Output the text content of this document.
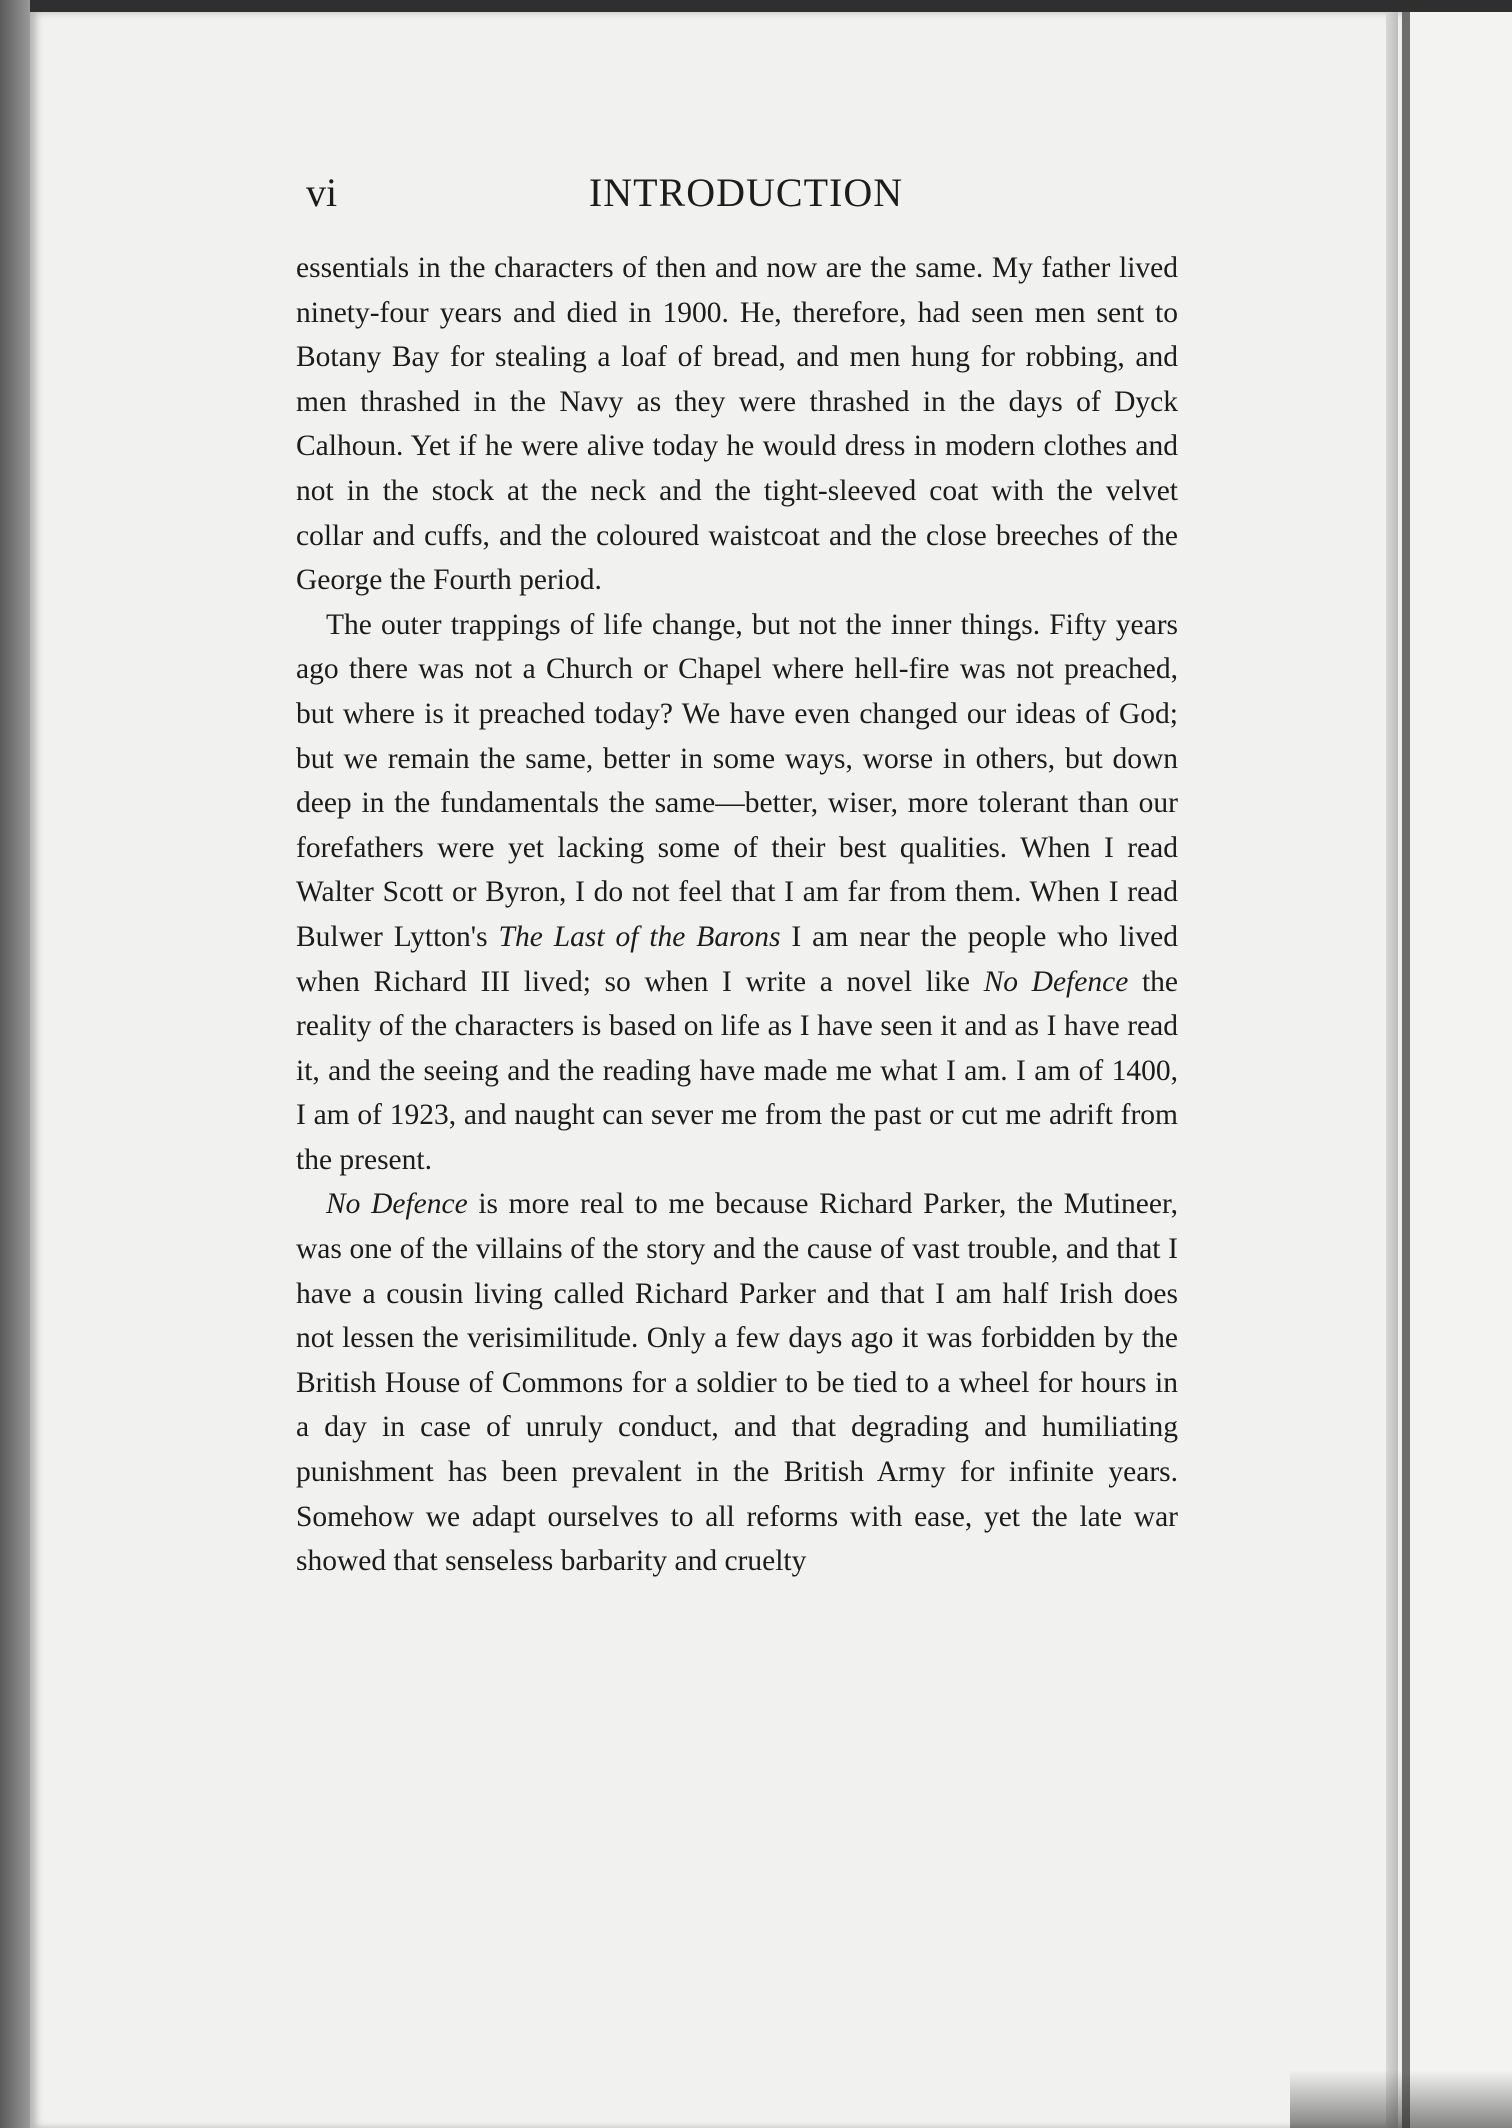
vi	INTRODUCTION

essentials in the characters of then and now are the same. My father lived ninety-four years and died in 1900. He, therefore, had seen men sent to Botany Bay for stealing a loaf of bread, and men hung for robbing, and men thrashed in the Navy as they were thrashed in the days of Dyck Calhoun. Yet if he were alive today he would dress in modern clothes and not in the stock at the neck and the tight-sleeved coat with the velvet collar and cuffs, and the coloured waistcoat and the close breeches of the George the Fourth period.

The outer trappings of life change, but not the inner things. Fifty years ago there was not a Church or Chapel where hell-fire was not preached, but where is it preached today? We have even changed our ideas of God; but we remain the same, better in some ways, worse in others, but down deep in the fundamentals the same—better, wiser, more tolerant than our forefathers were yet lacking some of their best qualities. When I read Walter Scott or Byron, I do not feel that I am far from them. When I read Bulwer Lytton's The Last of the Barons I am near the people who lived when Richard III lived; so when I write a novel like No Defence the reality of the characters is based on life as I have seen it and as I have read it, and the seeing and the reading have made me what I am. I am of 1400, I am of 1923, and naught can sever me from the past or cut me adrift from the present.

No Defence is more real to me because Richard Parker, the Mutineer, was one of the villains of the story and the cause of vast trouble, and that I have a cousin living called Richard Parker and that I am half Irish does not lessen the verisimilitude. Only a few days ago it was forbidden by the British House of Commons for a soldier to be tied to a wheel for hours in a day in case of unruly conduct, and that degrading and humiliating punishment has been prevalent in the British Army for infinite years. Somehow we adapt ourselves to all reforms with ease, yet the late war showed that senseless barbarity and cruelty
